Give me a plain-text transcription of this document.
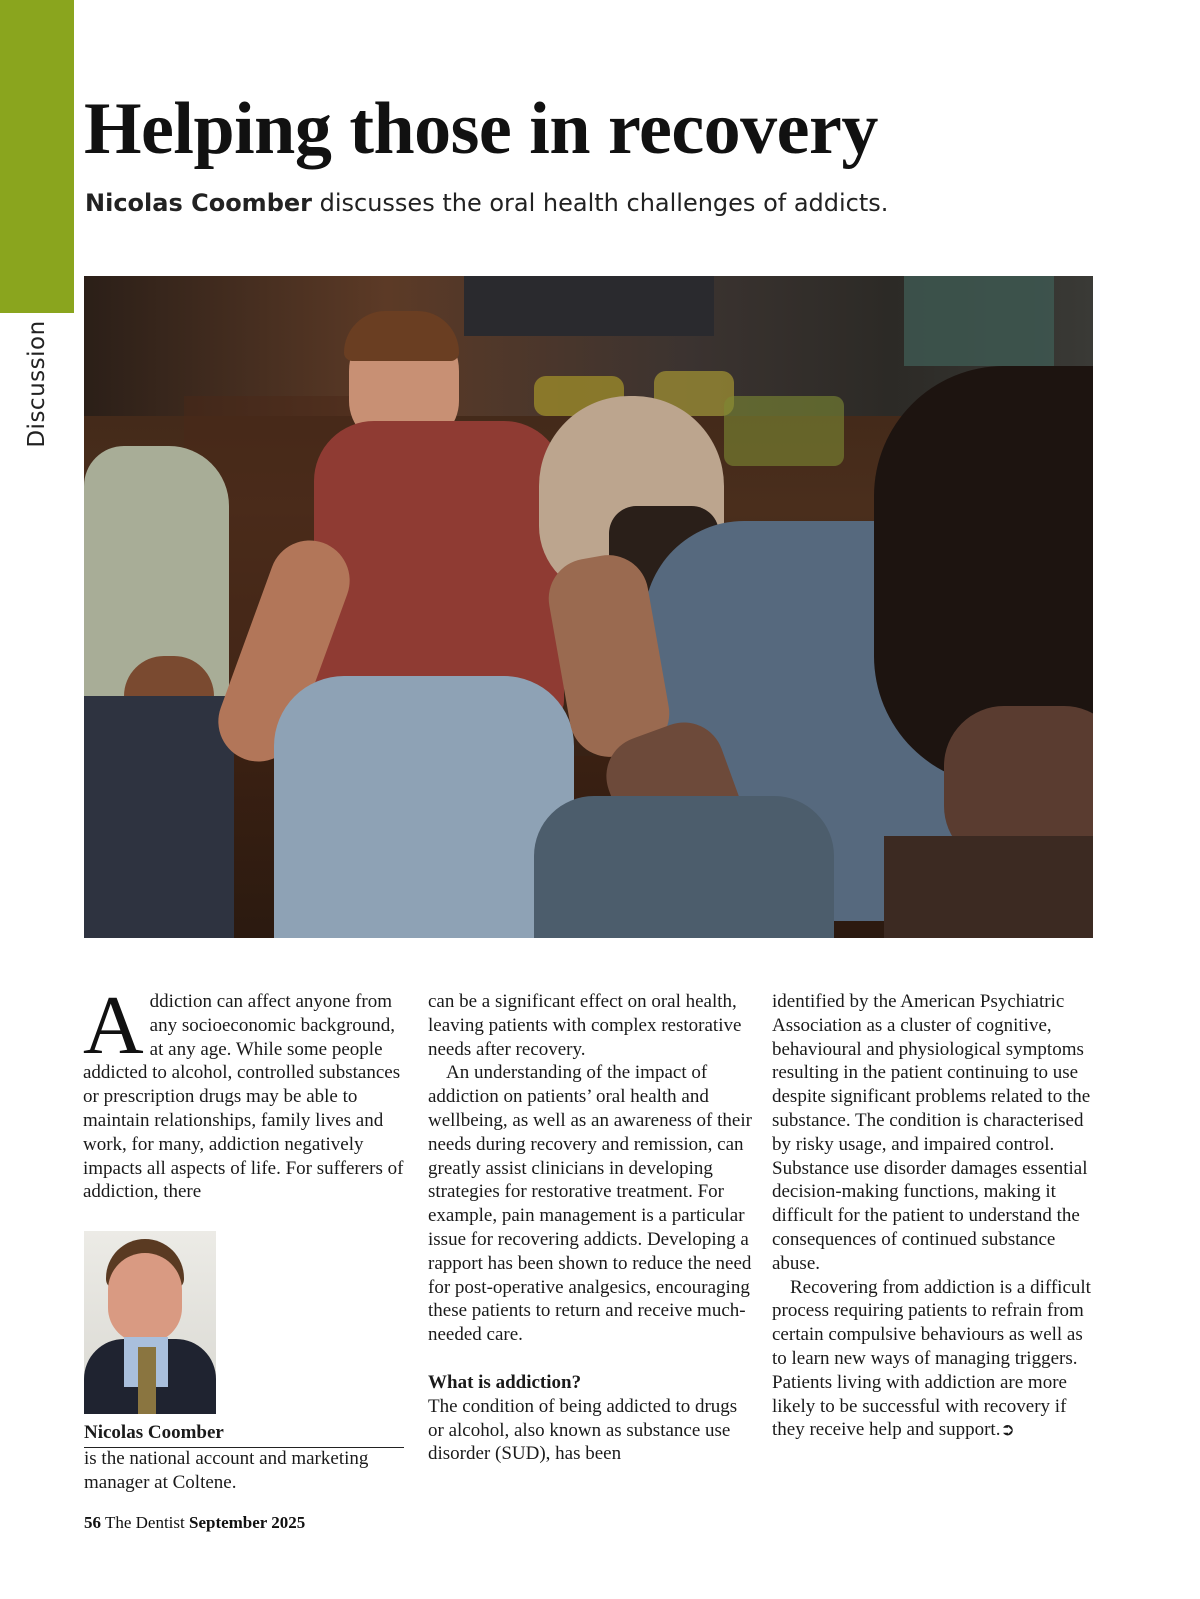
Discussion
Helping those in recovery

Nicolas Coomber discusses the oral health challenges of addicts.

Addiction can affect anyone from any socioeconomic background, at any age. While some people addicted to alcohol, controlled substances or prescription drugs may be able to maintain relationships, family lives and work, for many, addiction negatively impacts all aspects of life. For sufferers of addiction, there

Nicolas Coomber
is the national account and marketing manager at Coltene.

can be a significant effect on oral health, leaving patients with complex restorative needs after recovery.

An understanding of the impact of addiction on patients’ oral health and wellbeing, as well as an awareness of their needs during recovery and remission, can greatly assist clinicians in developing strategies for restorative treatment. For example, pain management is a particular issue for recovering addicts. Developing a rapport has been shown to reduce the need for post-operative analgesics, encouraging these patients to return and receive much-needed care.

What is addiction?

The condition of being addicted to drugs or alcohol, also known as substance use disorder (SUD), has been

identified by the American Psychiatric Association as a cluster of cognitive, behavioural and physiological symptoms resulting in the patient continuing to use despite significant problems related to the substance. The condition is characterised by risky usage, and impaired control. Substance use disorder damages essential decision-making functions, making it difficult for the patient to understand the consequences of continued substance abuse.

Recovering from addiction is a difficult process requiring patients to refrain from certain compulsive behaviours as well as to learn new ways of managing triggers. Patients living with addiction are more likely to be successful with recovery if they receive help and support.➲

56 The Dentist September 2025
